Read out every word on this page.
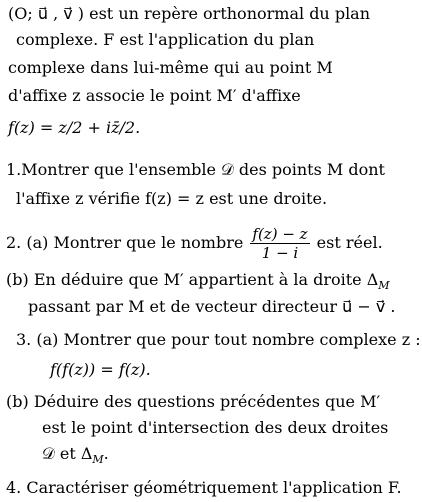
(O; u⃗ , v⃗ ) est un repère orthonormal du plan
complexe. F est l'application du plan
complexe dans lui-même qui au point M
d'affixe z associe le point M′ d'affixe
f(z) = z/2 + iz̄/2.
1.Montrer que l'ensemble 𝒟 des points M dont
l'affixe z vérifie f(z) = z est une droite.
2. (a) Montrer que le nombre $\frac{f(z) - z}{1 - i}$ est réel.
(b) En déduire que M′ appartient à la droite $\Delta_M$
passant par M et de vecteur directeur u⃗ − v⃗ .
3. (a) Montrer que pour tout nombre complexe z :
f(f(z)) = f(z).
(b) Déduire des questions précédentes que M′
est le point d'intersection des deux droites
𝒟 et $\Delta_M$.
4. Caractériser géométriquement l'application F.
